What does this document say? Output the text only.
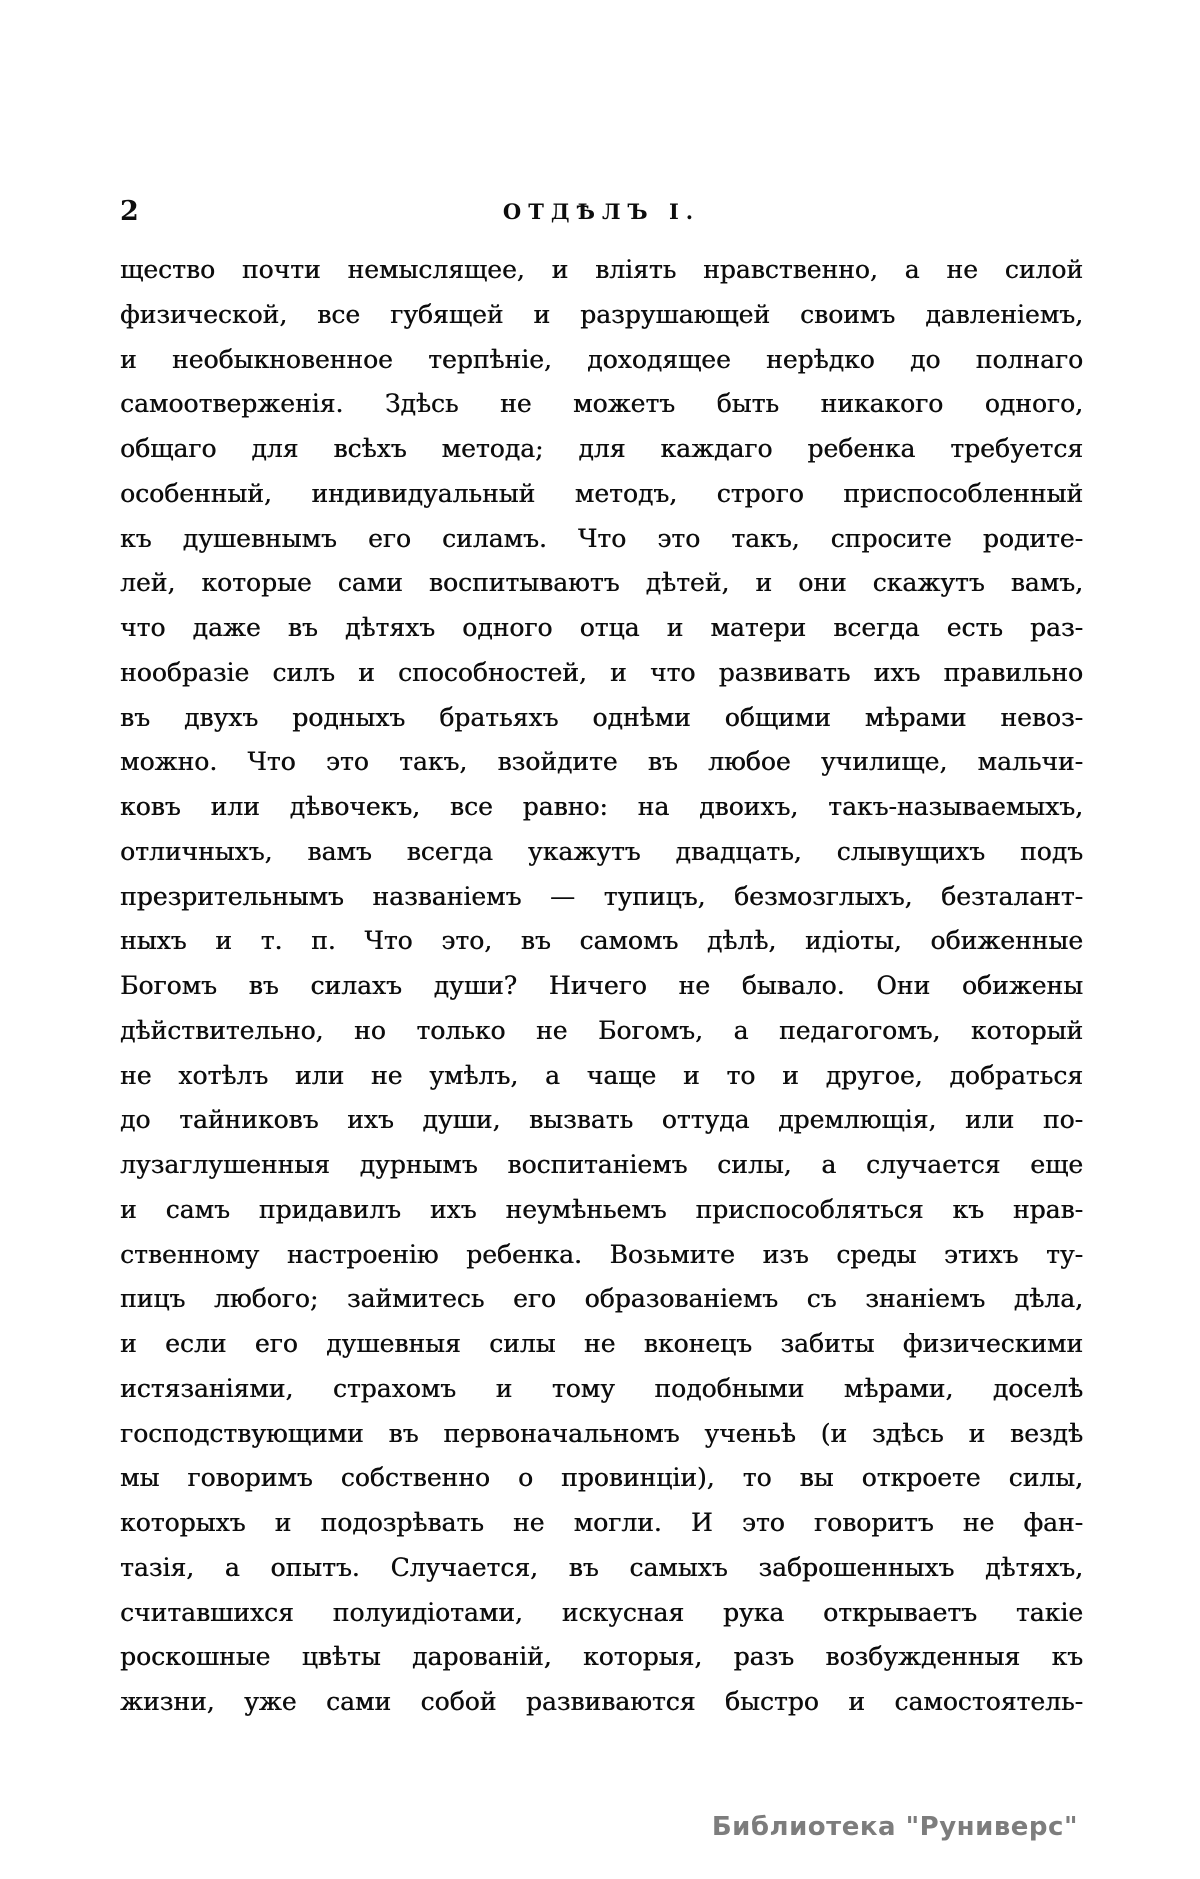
2	ОТДѢЛЪ I.
щество почти немыслящее, и вліять нравственно, а не силой
физической, все губящей и разрушающей своимъ давленіемъ,
и необыкновенное терпѣніе, доходящее нерѣдко до полнаго
самоотверженія. Здѣсь не можетъ быть никакого одного,
общаго для всѣхъ метода; для каждаго ребенка требуется
особенный, индивидуальный методъ, строго приспособленный
къ душевнымъ его силамъ. Что это такъ, спросите родите-
лей, которые сами воспитываютъ дѣтей, и они скажутъ вамъ,
что даже въ дѣтяхъ одного отца и матери всегда есть раз-
нообразіе силъ и способностей, и что развивать ихъ правильно
въ двухъ родныхъ братьяхъ однѣми общими мѣрами невоз-
можно. Что это такъ, взойдите въ любое училище, мальчи-
ковъ или дѣвочекъ, все равно: на двоихъ, такъ-называемыхъ,
отличныхъ, вамъ всегда укажутъ двадцать, слывущихъ подъ
презрительнымъ названіемъ — тупицъ, безмозглыхъ, безталант-
ныхъ и т. п. Что это, въ самомъ дѣлѣ, идіоты, обиженные
Богомъ въ силахъ души? Ничего не бывало. Они обижены
дѣйствительно, но только не Богомъ, а педагогомъ, который
не хотѣлъ или не умѣлъ, а чаще и то и другое, добраться
до тайниковъ ихъ души, вызвать оттуда дремлющія, или по-
лузаглушенныя дурнымъ воспитаніемъ силы, а случается еще
и самъ придавилъ ихъ неумѣньемъ приспособляться къ нрав-
ственному настроенію ребенка. Возьмите изъ среды этихъ ту-
пицъ любого; займитесь его образованіемъ съ знаніемъ дѣла,
и если его душевныя силы не вконецъ забиты физическими
истязаніями, страхомъ и тому подобными мѣрами, доселѣ
господствующими въ первоначальномъ ученьѣ (и здѣсь и вездѣ
мы говоримъ собственно о провинціи), то вы откроете силы,
которыхъ и подозрѣвать не могли. И это говоритъ не фан-
тазія, а опытъ. Случается, въ самыхъ заброшенныхъ дѣтяхъ,
считавшихся полуидіотами, искусная рука открываетъ такіе
роскошные цвѣты дарованій, которыя, разъ возбужденныя къ
жизни, уже сами собой развиваются быстро и самостоятель-
Библиотека "Руниверс"
